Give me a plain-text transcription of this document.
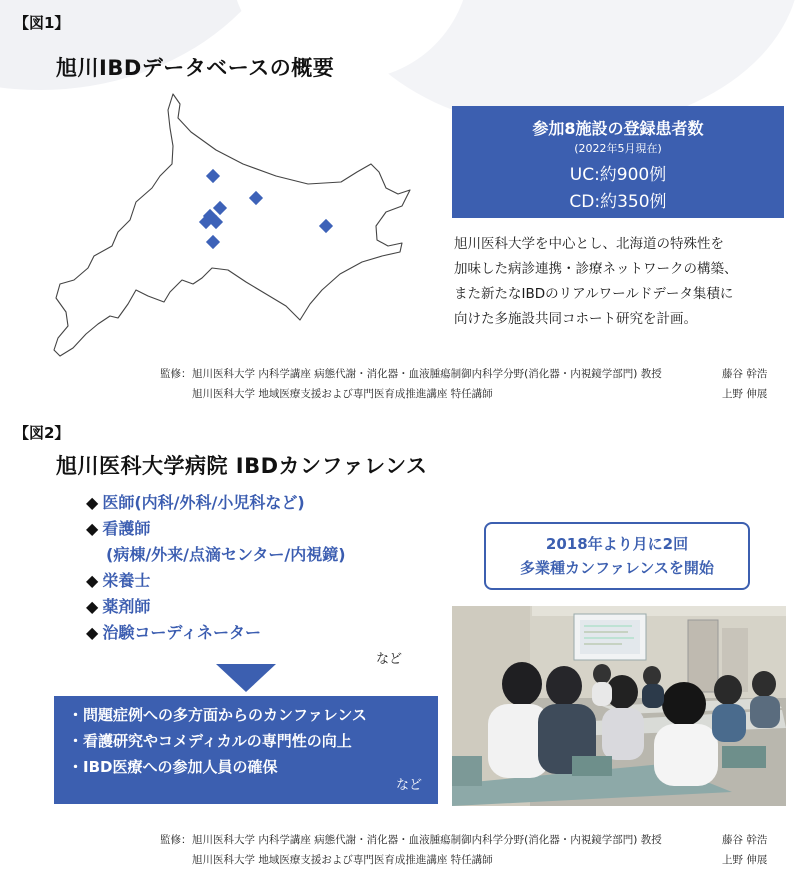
【図1】
旭川IBDデータベースの概要
参加8施設の登録患者数
(2022年5月現在)
UC:約900例
CD:約350例
旭川医科大学を中心とし、北海道の特殊性を
加味した病診連携・診療ネットワークの構築、
また新たなIBDのリアルワールドデータ集積に
向けた多施設共同コホート研究を計画。
監修： 旭川医科大学 内科学講座 病態代謝・消化器・血液腫瘍制御内科学分野(消化器・内視鏡学部門) 教授	藤谷 幹浩
旭川医科大学 地域医療支援および専門医育成推進講座 特任講師	上野 伸展
【図2】
旭川医科大学病院 IBDカンファレンス
◆ 医師(内科/外科/小児科など)
◆ 看護師
(病棟/外来/点滴センター/内視鏡)
◆ 栄養士
◆ 薬剤師
◆ 治験コーディネーター
など
・問題症例への多方面からのカンファレンス
・看護研究やコメディカルの専門性の向上
・IBD医療への参加人員の確保
など
2018年より月に2回
多業種カンファレンスを開始
監修： 旭川医科大学 内科学講座 病態代謝・消化器・血液腫瘍制御内科学分野(消化器・内視鏡学部門) 教授	藤谷 幹浩
旭川医科大学 地域医療支援および専門医育成推進講座 特任講師	上野 伸展
